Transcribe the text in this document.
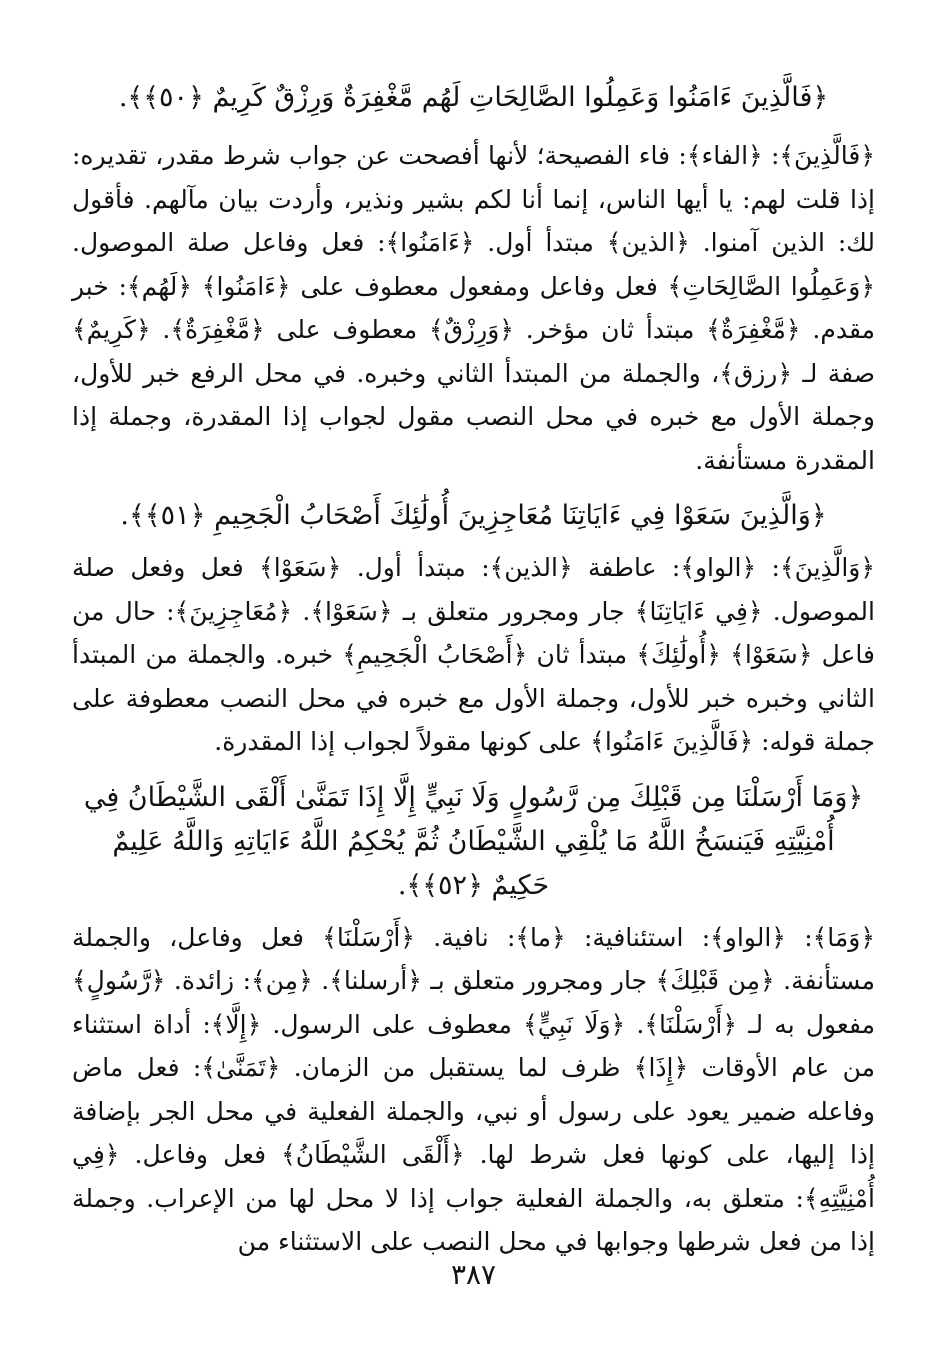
﴿فَالَّذِينَ ءَامَنُوا وَعَمِلُوا الصَّالِحَاتِ لَهُم مَّغْفِرَةٌ وَرِزْقٌ كَرِيمٌ ﴿٥٠﴾﴾.

﴿فَالَّذِينَ﴾: ﴿الفاء﴾: فاء الفصيحة؛ لأنها أفصحت عن جواب شرط مقدر، تقديره: إذا قلت لهم: يا أيها الناس، إنما أنا لكم بشير ونذير، وأردت بيان مآلهم. فأقول لك: الذين آمنوا. ﴿الذين﴾ مبتدأ أول. ﴿ءَامَنُوا﴾: فعل وفاعل صلة الموصول. ﴿وَعَمِلُوا الصَّالِحَاتِ﴾ فعل وفاعل ومفعول معطوف على ﴿ءَامَنُوا﴾ ﴿لَهُم﴾: خبر مقدم. ﴿مَّغْفِرَةٌ﴾ مبتدأ ثان مؤخر. ﴿وَرِزْقٌ﴾ معطوف على ﴿مَّغْفِرَةٌ﴾. ﴿كَرِيمٌ﴾ صفة لـ ﴿رزق﴾، والجملة من المبتدأ الثاني وخبره. في محل الرفع خبر للأول، وجملة الأول مع خبره في محل النصب مقول لجواب إذا المقدرة، وجملة إذا المقدرة مستأنفة.

﴿وَالَّذِينَ سَعَوْا فِي ءَايَاتِنَا مُعَاجِزِينَ أُولَٰئِكَ أَصْحَابُ الْجَحِيمِ ﴿٥١﴾﴾.

﴿وَالَّذِينَ﴾: ﴿الواو﴾: عاطفة ﴿الذين﴾: مبتدأ أول. ﴿سَعَوْا﴾ فعل وفعل صلة الموصول. ﴿فِي ءَايَاتِنَا﴾ جار ومجرور متعلق بـ ﴿سَعَوْا﴾. ﴿مُعَاجِزِينَ﴾: حال من فاعل ﴿سَعَوْا﴾ ﴿أُولَٰئِكَ﴾ مبتدأ ثان ﴿أَصْحَابُ الْجَحِيمِ﴾ خبره. والجملة من المبتدأ الثاني وخبره خبر للأول، وجملة الأول مع خبره في محل النصب معطوفة على جملة قوله: ﴿فَالَّذِينَ ءَامَنُوا﴾ على كونها مقولاً لجواب إذا المقدرة.

﴿وَمَا أَرْسَلْنَا مِن قَبْلِكَ مِن رَّسُولٍ وَلَا نَبِيٍّ إِلَّا إِذَا تَمَنَّىٰ أَلْقَى الشَّيْطَانُ فِي أُمْنِيَّتِهِ فَيَنسَخُ اللَّهُ مَا يُلْقِي الشَّيْطَانُ ثُمَّ يُحْكِمُ اللَّهُ ءَايَاتِهِ وَاللَّهُ عَلِيمٌ حَكِيمٌ ﴿٥٢﴾﴾.

﴿وَمَا﴾: ﴿الواو﴾: استئنافية: ﴿ما﴾: نافية. ﴿أَرْسَلْنَا﴾ فعل وفاعل، والجملة مستأنفة. ﴿مِن قَبْلِكَ﴾ جار ومجرور متعلق بـ ﴿أرسلنا﴾. ﴿مِن﴾: زائدة. ﴿رَّسُولٍ﴾ مفعول به لـ ﴿أَرْسَلْنَا﴾. ﴿وَلَا نَبِيٍّ﴾ معطوف على الرسول. ﴿إِلَّا﴾: أداة استثناء من عام الأوقات ﴿إِذَا﴾ ظرف لما يستقبل من الزمان. ﴿تَمَنَّىٰ﴾: فعل ماض وفاعله ضمير يعود على رسول أو نبي، والجملة الفعلية في محل الجر بإضافة إذا إليها، على كونها فعل شرط لها. ﴿أَلْقَى الشَّيْطَانُ﴾ فعل وفاعل. ﴿فِي أُمْنِيَّتِهِ﴾: متعلق به، والجملة الفعلية جواب إذا لا محل لها من الإعراب. وجملة إذا من فعل شرطها وجوابها في محل النصب على الاستثناء من

٣٨٧
